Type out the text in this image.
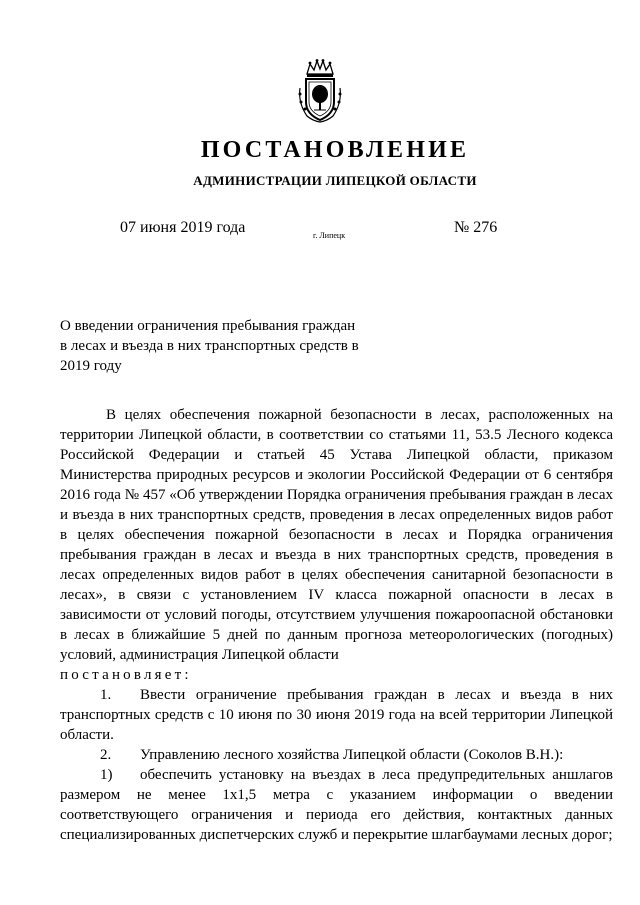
ПОСТАНОВЛЕНИЕ
АДМИНИСТРАЦИИ ЛИПЕЦКОЙ ОБЛАСТИ
07 июня 2019 года	г. Липецк	№ 276
О введении ограничения пребывания граждан в лесах и въезда в них транспортных средств в 2019 году

В целях обеспечения пожарной безопасности в лесах, расположенных на территории Липецкой области, в соответствии со статьями 11, 53.5 Лесного кодекса Российской Федерации и статьей 45 Устава Липецкой области, приказом Министерства природных ресурсов и экологии Российской Федерации от 6 сентября 2016 года № 457 «Об утверждении Порядка ограничения пребывания граждан в лесах и въезда в них транспортных средств, проведения в лесах определенных видов работ в целях обеспечения пожарной безопасности в лесах и Порядка ограничения пребывания граждан в лесах и въезда в них транспортных средств, проведения в лесах определенных видов работ в целях обеспечения санитарной безопасности в лесах», в связи с установлением IV класса пожарной опасности в лесах в зависимости от условий погоды, отсутствием улучшения пожароопасной обстановки в лесах в ближайшие 5 дней по данным прогноза метеорологических (погодных) условий, администрация Липецкой области

постановляет:

1. Ввести ограничение пребывания граждан в лесах и въезда в них транспортных средств с 10 июня по 30 июня 2019 года на всей территории Липецкой области.

2. Управлению лесного хозяйства Липецкой области (Соколов В.Н.):

1) обеспечить установку на въездах в леса предупредительных аншлагов размером не менее 1х1,5 метра с указанием информации о введении соответствующего ограничения и периода его действия, контактных данных специализированных диспетчерских служб и перекрытие шлагбаумами лесных дорог;
